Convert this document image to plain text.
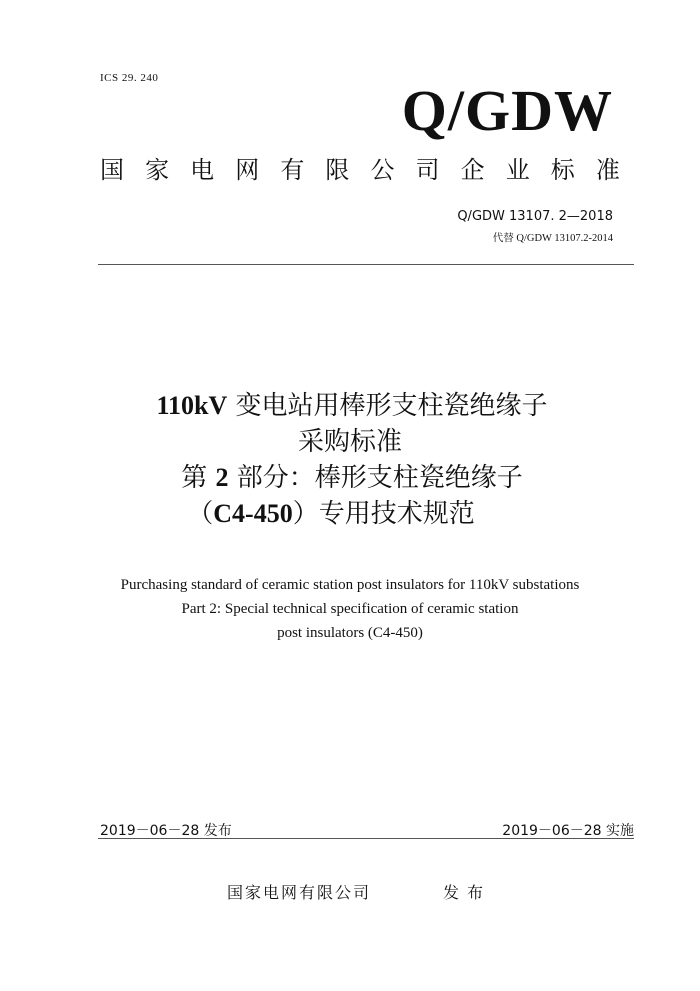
ICS 29. 240	Q/GDW
国 家 电 网 有 限 公 司 企 业 标 准
Q/GDW 13107. 2—2018
代替 Q/GDW 13107.2-2014
110kV 变电站用棒形支柱瓷绝缘子
采购标准
第 2 部分：棒形支柱瓷绝缘子
（C4-450）专用技术规范
Purchasing standard of ceramic station post insulators for 110kV substations
Part 2: Special technical specification of ceramic station
post insulators (C4-450)
2019－06－28 发布	2019－06－28 实施
国家电网有限公司	发布
